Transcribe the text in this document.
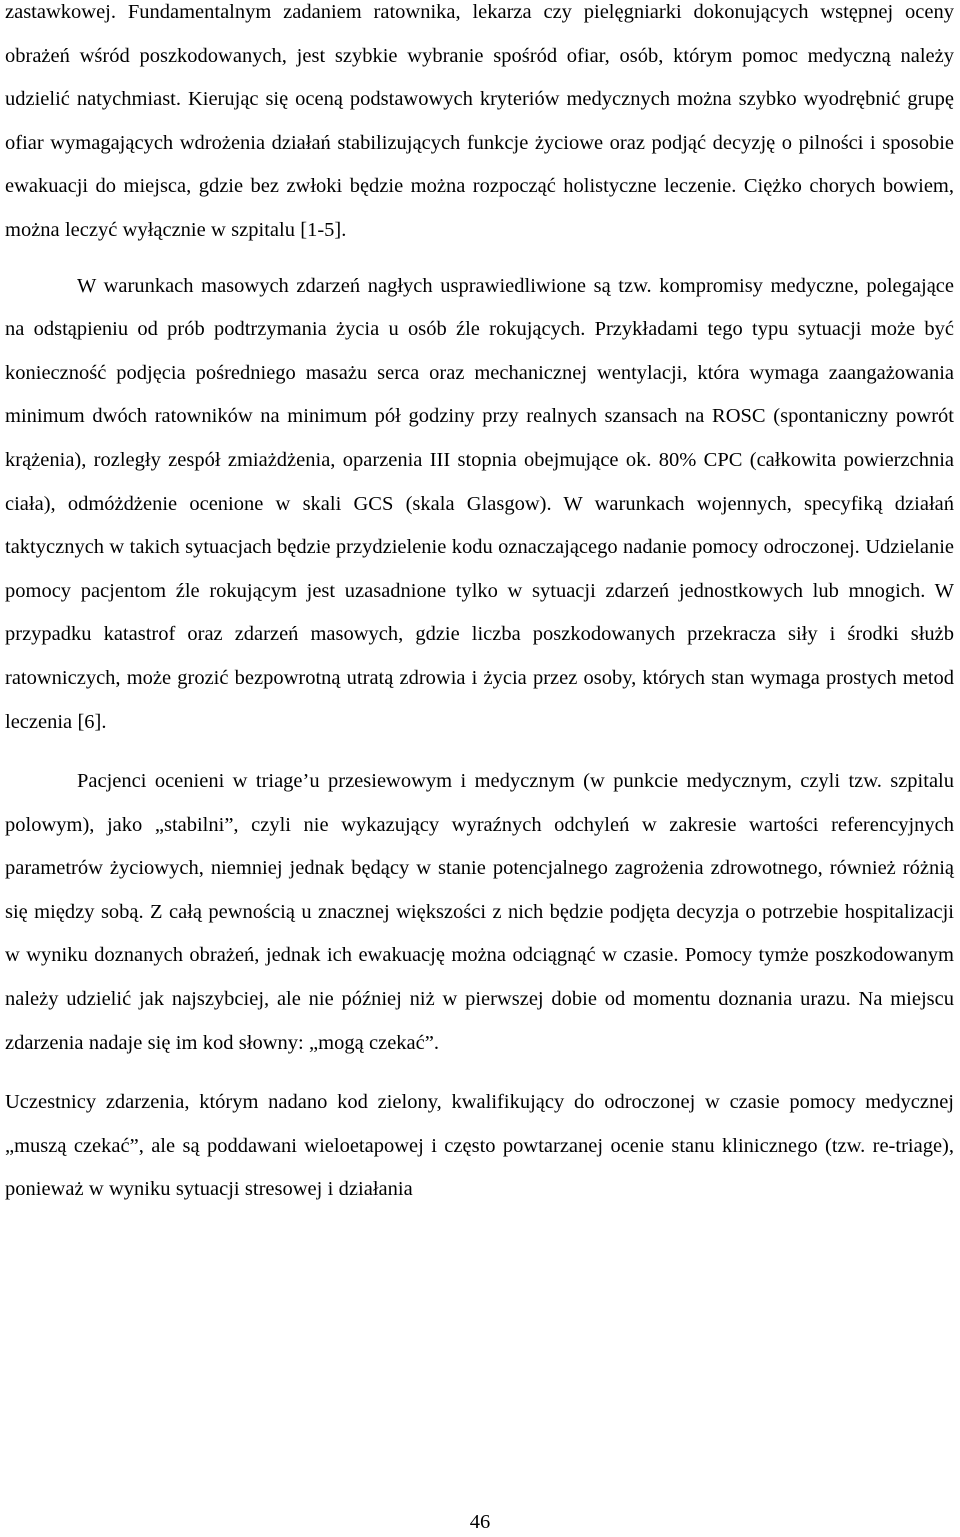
zastawkowej. Fundamentalnym zadaniem ratownika, lekarza czy pielęgniarki dokonujących wstępnej oceny obrażeń wśród poszkodowanych, jest szybkie wybranie spośród ofiar, osób, którym pomoc medyczną należy udzielić natychmiast. Kierując się oceną podstawowych kryteriów medycznych można szybko wyodrębnić grupę ofiar wymagających wdrożenia działań stabilizujących funkcje życiowe oraz podjąć decyzję o pilności i sposobie ewakuacji do miejsca, gdzie bez zwłoki będzie można rozpocząć holistyczne leczenie. Ciężko chorych bowiem, można leczyć wyłącznie w szpitalu [1-5].

W warunkach masowych zdarzeń nagłych usprawiedliwione są tzw. kompromisy medyczne, polegające na odstąpieniu od prób podtrzymania życia u osób źle rokujących. Przykładami tego typu sytuacji może być konieczność podjęcia pośredniego masażu serca oraz mechanicznej wentylacji, która wymaga zaangażowania minimum dwóch ratowników na minimum pół godziny przy realnych szansach na ROSC (spontaniczny powrót krążenia), rozległy zespół zmiażdżenia, oparzenia III stopnia obejmujące ok. 80% CPC (całkowita powierzchnia ciała), odmóżdżenie ocenione w skali GCS (skala Glasgow). W warunkach wojennych, specyfiką działań taktycznych w takich sytuacjach będzie przydzielenie kodu oznaczającego nadanie pomocy odroczonej. Udzielanie pomocy pacjentom źle rokującym jest uzasadnione tylko w sytuacji zdarzeń jednostkowych lub mnogich. W przypadku katastrof oraz zdarzeń masowych, gdzie liczba poszkodowanych przekracza siły i środki służb ratowniczych, może grozić bezpowrotną utratą zdrowia i życia przez osoby, których stan wymaga prostych metod leczenia [6].

Pacjenci ocenieni w triage’u przesiewowym i medycznym (w punkcie medycznym, czyli tzw. szpitalu polowym), jako „stabilni”, czyli nie wykazujący wyraźnych odchyleń w zakresie wartości referencyjnych parametrów życiowych, niemniej jednak będący w stanie potencjalnego zagrożenia zdrowotnego, również różnią się między sobą. Z całą pewnością u znacznej większości z nich będzie podjęta decyzja o potrzebie hospitalizacji w wyniku doznanych obrażeń, jednak ich ewakuację można odciągnąć w czasie. Pomocy tymże poszkodowanym należy udzielić jak najszybciej, ale nie później niż w pierwszej dobie od momentu doznania urazu. Na miejscu zdarzenia nadaje się im kod słowny: „mogą czekać”.

Uczestnicy zdarzenia, którym nadano kod zielony, kwalifikujący do odroczonej w czasie pomocy medycznej „muszą czekać”, ale są poddawani wieloetapowej i często powtarzanej ocenie stanu klinicznego (tzw. re-triage), ponieważ w wyniku sytuacji stresowej i działania

46
